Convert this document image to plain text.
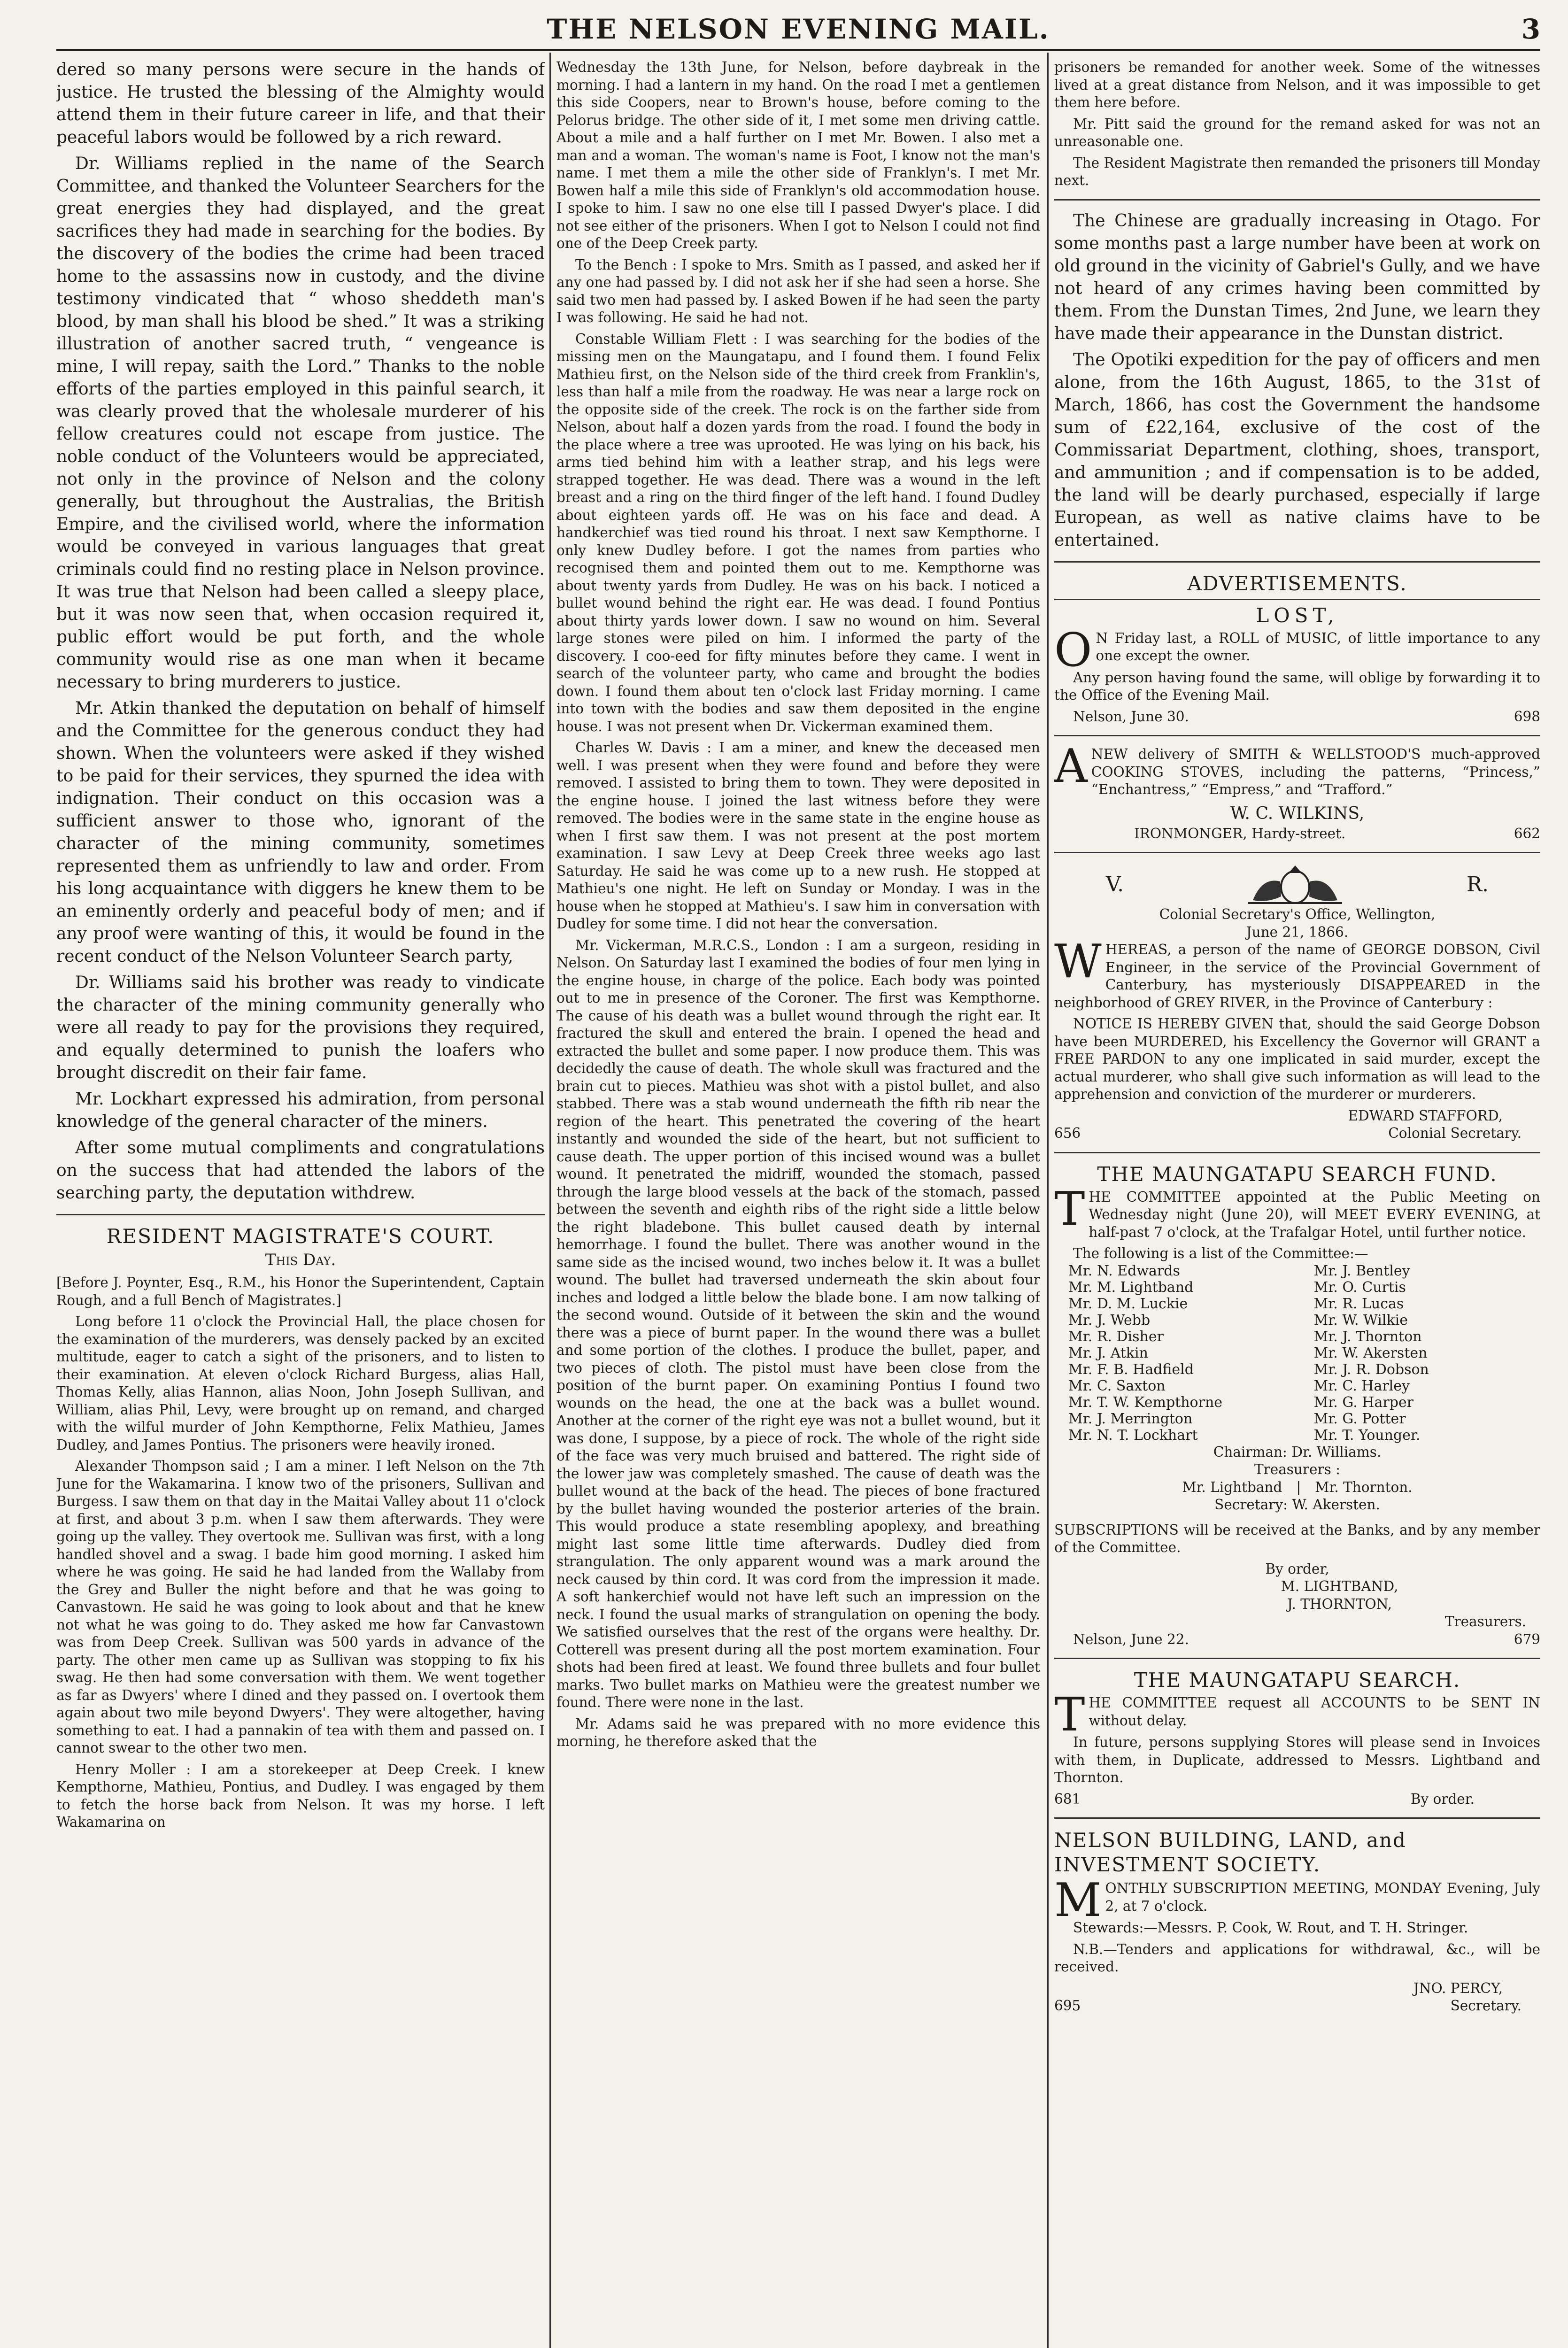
THE NELSON EVENING MAIL.	3

dered so many persons were secure in the hands of justice. He trusted the blessing of the Almighty would attend them in their future career in life, and that their peaceful labors would be followed by a rich reward.

Dr. Williams replied in the name of the Search Committee, and thanked the Volunteer Searchers for the great energies they had displayed, and the great sacrifices they had made in searching for the bodies. By the discovery of the bodies the crime had been traced home to the assassins now in custody, and the divine testimony vindicated that “ whoso sheddeth man's blood, by man shall his blood be shed.” It was a striking illustration of another sacred truth, “ vengeance is mine, I will repay, saith the Lord.” Thanks to the noble efforts of the parties employed in this painful search, it was clearly proved that the wholesale murderer of his fellow creatures could not escape from justice. The noble conduct of the Volunteers would be appreciated, not only in the province of Nelson and the colony generally, but throughout the Australias, the British Empire, and the civilised world, where the information would be conveyed in various languages that great criminals could find no resting place in Nelson province. It was true that Nelson had been called a sleepy place, but it was now seen that, when occasion required it, public effort would be put forth, and the whole community would rise as one man when it became necessary to bring murderers to justice.

Mr. Atkin thanked the deputation on behalf of himself and the Committee for the generous conduct they had shown. When the volunteers were asked if they wished to be paid for their services, they spurned the idea with indignation. Their conduct on this occasion was a sufficient answer to those who, ignorant of the character of the mining community, sometimes represented them as unfriendly to law and order. From his long acquaintance with diggers he knew them to be an eminently orderly and peaceful body of men; and if any proof were wanting of this, it would be found in the recent conduct of the Nelson Volunteer Search party,

Dr. Williams said his brother was ready to vindicate the character of the mining community generally who were all ready to pay for the provisions they required, and equally determined to punish the loafers who brought discredit on their fair fame.

Mr. Lockhart expressed his admiration, from personal knowledge of the general character of the miners.

After some mutual compliments and congratulations on the success that had attended the labors of the searching party, the deputation withdrew.

RESIDENT MAGISTRATE'S COURT.
This Day.

[Before J. Poynter, Esq., R.M., his Honor the Superintendent, Captain Rough, and a full Bench of Magistrates.]

Long before 11 o'clock the Provincial Hall, the place chosen for the examination of the murderers, was densely packed by an excited multitude, eager to catch a sight of the prisoners, and to listen to their examination. At eleven o'clock Richard Burgess, alias Hall, Thomas Kelly, alias Hannon, alias Noon, John Joseph Sullivan, and William, alias Phil, Levy, were brought up on remand, and charged with the wilful murder of John Kempthorne, Felix Mathieu, James Dudley, and James Pontius. The prisoners were heavily ironed.

Alexander Thompson said ; I am a miner. I left Nelson on the 7th June for the Wakamarina. I know two of the prisoners, Sullivan and Burgess. I saw them on that day in the Maitai Valley about 11 o'clock at first, and about 3 p.m. when I saw them afterwards. They were going up the valley. They overtook me. Sullivan was first, with a long handled shovel and a swag. I bade him good morning. I asked him where he was going. He said he had landed from the Wallaby from the Grey and Buller the night before and that he was going to Canvastown. He said he was going to look about and that he knew not what he was going to do. They asked me how far Canvastown was from Deep Creek. Sullivan was 500 yards in advance of the party. The other men came up as Sullivan was stopping to fix his swag. He then had some conversation with them. We went together as far as Dwyers' where I dined and they passed on. I overtook them again about two mile beyond Dwyers'. They were altogether, having something to eat. I had a pannakin of tea with them and passed on. I cannot swear to the other two men.

Henry Moller : I am a storekeeper at Deep Creek. I knew Kempthorne, Mathieu, Pontius, and Dudley. I was engaged by them to fetch the horse back from Nelson. It was my horse. I left Wakamarina on

Wednesday the 13th June, for Nelson, before daybreak in the morning. I had a lantern in my hand. On the road I met a gentlemen this side Coopers, near to Brown's house, before coming to the Pelorus bridge. The other side of it, I met some men driving cattle. About a mile and a half further on I met Mr. Bowen. I also met a man and a woman. The woman's name is Foot, I know not the man's name. I met them a mile the other side of Franklyn's. I met Mr. Bowen half a mile this side of Franklyn's old accommodation house. I spoke to him. I saw no one else till I passed Dwyer's place. I did not see either of the prisoners. When I got to Nelson I could not find one of the Deep Creek party.

To the Bench : I spoke to Mrs. Smith as I passed, and asked her if any one had passed by. I did not ask her if she had seen a horse. She said two men had passed by. I asked Bowen if he had seen the party I was following. He said he had not.

Constable William Flett : I was searching for the bodies of the missing men on the Maungatapu, and I found them. I found Felix Mathieu first, on the Nelson side of the third creek from Franklin's, less than half a mile from the roadway. He was near a large rock on the opposite side of the creek. The rock is on the farther side from Nelson, about half a dozen yards from the road. I found the body in the place where a tree was uprooted. He was lying on his back, his arms tied behind him with a leather strap, and his legs were strapped together. He was dead. There was a wound in the left breast and a ring on the third finger of the left hand. I found Dudley about eighteen yards off. He was on his face and dead. A handkerchief was tied round his throat. I next saw Kempthorne. I only knew Dudley before. I got the names from parties who recognised them and pointed them out to me. Kempthorne was about twenty yards from Dudley. He was on his back. I noticed a bullet wound behind the right ear. He was dead. I found Pontius about thirty yards lower down. I saw no wound on him. Several large stones were piled on him. I informed the party of the discovery. I coo-eed for fifty minutes before they came. I went in search of the volunteer party, who came and brought the bodies down. I found them about ten o'clock last Friday morning. I came into town with the bodies and saw them deposited in the engine house. I was not present when Dr. Vickerman examined them.

Charles W. Davis : I am a miner, and knew the deceased men well. I was present when they were found and before they were removed. I assisted to bring them to town. They were deposited in the engine house. I joined the last witness before they were removed. The bodies were in the same state in the engine house as when I first saw them. I was not present at the post mortem examination. I saw Levy at Deep Creek three weeks ago last Saturday. He said he was come up to a new rush. He stopped at Mathieu's one night. He left on Sunday or Monday. I was in the house when he stopped at Mathieu's. I saw him in conversation with Dudley for some time. I did not hear the conversation.

Mr. Vickerman, M.R.C.S., London : I am a surgeon, residing in Nelson. On Saturday last I examined the bodies of four men lying in the engine house, in charge of the police. Each body was pointed out to me in presence of the Coroner. The first was Kempthorne. The cause of his death was a bullet wound through the right ear. It fractured the skull and entered the brain. I opened the head and extracted the bullet and some paper. I now produce them. This was decidedly the cause of death. The whole skull was fractured and the brain cut to pieces. Mathieu was shot with a pistol bullet, and also stabbed. There was a stab wound underneath the fifth rib near the region of the heart. This penetrated the covering of the heart instantly and wounded the side of the heart, but not sufficient to cause death. The upper portion of this incised wound was a bullet wound. It penetrated the midriff, wounded the stomach, passed through the large blood vessels at the back of the stomach, passed between the seventh and eighth ribs of the right side a little below the right bladebone. This bullet caused death by internal hemorrhage. I found the bullet. There was another wound in the same side as the incised wound, two inches below it. It was a bullet wound. The bullet had traversed underneath the skin about four inches and lodged a little below the blade bone. I am now talking of the second wound. Outside of it between the skin and the wound there was a piece of burnt paper. In the wound there was a bullet and some portion of the clothes. I produce the bullet, paper, and two pieces of cloth. The pistol must have been close from the position of the burnt paper. On examining Pontius I found two wounds on the head, the one at the back was a bullet wound. Another at the corner of the right eye was not a bullet wound, but it was done, I suppose, by a piece of rock. The whole of the right side of the face was very much bruised and battered. The right side of the lower jaw was completely smashed. The cause of death was the bullet wound at the back of the head. The pieces of bone fractured by the bullet having wounded the posterior arteries of the brain. This would produce a state resembling apoplexy, and breathing might last some little time afterwards. Dudley died from strangulation. The only apparent wound was a mark around the neck caused by thin cord. It was cord from the impression it made. A soft hankerchief would not have left such an impression on the neck. I found the usual marks of strangulation on opening the body. We satisfied ourselves that the rest of the organs were healthy. Dr. Cotterell was present during all the post mortem examination. Four shots had been fired at least. We found three bullets and four bullet marks. Two bullet marks on Mathieu were the greatest number we found. There were none in the last.

Mr. Adams said he was prepared with no more evidence this morning, he therefore asked that the

prisoners be remanded for another week. Some of the witnesses lived at a great distance from Nelson, and it was impossible to get them here before.

Mr. Pitt said the ground for the remand asked for was not an unreasonable one.

The Resident Magistrate then remanded the prisoners till Monday next.

The Chinese are gradually increasing in Otago. For some months past a large number have been at work on old ground in the vicinity of Gabriel's Gully, and we have not heard of any crimes having been committed by them. From the Dunstan Times, 2nd June, we learn they have made their appearance in the Dunstan district.

The Opotiki expedition for the pay of officers and men alone, from the 16th August, 1865, to the 31st of March, 1866, has cost the Government the handsome sum of £22,164, exclusive of the cost of the Commissariat Department, clothing, shoes, transport, and ammunition ; and if compensation is to be added, the land will be dearly purchased, especially if large European, as well as native claims have to be entertained.

ADVERTISEMENTS.
LOST,

O N Friday last, a ROLL of MUSIC, of little importance to any one except the owner.

Any person having found the same, will oblige by forwarding it to the Office of the Evening Mail.

Nelson, June 30.	698

ANEW delivery of SMITH & WELLSTOOD'S much-approved COOKING STOVES, including the patterns, “Princess,” “Enchantress,” “Empress,” and “Trafford.”

W. C. WILKINS,
IRONMONGER, Hardy-street.	662
V.	R.
Colonial Secretary's Office, Wellington,
June 21, 1866.

WHEREAS, a person of the name of GEORGE DOBSON, Civil Engineer, in the service of the Provincial Government of Canterbury, has mysteriously DISAPPEARED in the neighborhood of GREY RIVER, in the Province of Canterbury :

NOTICE IS HEREBY GIVEN that, should the said George Dobson have been MURDERED, his Excellency the Governor will GRANT a FREE PARDON to any one implicated in said murder, except the actual murderer, who shall give such information as will lead to the apprehension and conviction of the murderer or murderers.

EDWARD STAFFORD,
656	Colonial Secretary.
THE MAUNGATAPU SEARCH FUND.

THE COMMITTEE appointed at the Public Meeting on Wednesday night (June 20), will MEET EVERY EVENING, at half-past 7 o'clock, at the Trafalgar Hotel, until further notice.

The following is a list of the Committee:—
Mr. N. Edwards	Mr. J. Bentley
Mr. M. Lightband	Mr. O. Curtis
Mr. D. M. Luckie	Mr. R. Lucas
Mr. J. Webb	Mr. W. Wilkie
Mr. R. Disher	Mr. J. Thornton
Mr. J. Atkin	Mr. W. Akersten
Mr. F. B. Hadfield	Mr. J. R. Dobson
Mr. C. Saxton	Mr. C. Harley
Mr. T. W. Kempthorne	Mr. G. Harper
Mr. J. Merrington	Mr. G. Potter
Mr. N. T. Lockhart	Mr. T. Younger.
Chairman: Dr. Williams.
Treasurers :
Mr. Lightband | Mr. Thornton.
Secretary: W. Akersten.

SUBSCRIPTIONS will be received at the Banks, and by any member of the Committee.

By order,
M. LIGHTBAND,
J. THORNTON,
Treasurers.
Nelson, June 22.	679
THE MAUNGATAPU SEARCH.

THE COMMITTEE request all ACCOUNTS to be SENT IN without delay.

In future, persons supplying Stores will please send in Invoices with them, in Duplicate, addressed to Messrs. Lightband and Thornton.

681	By order.
NELSON BUILDING, LAND, and INVESTMENT SOCIETY.

MONTHLY SUBSCRIPTION MEETING, MONDAY Evening, July 2, at 7 o'clock.

Stewards:—Messrs. P. Cook, W. Rout, and T. H. Stringer.

N.B.—Tenders and applications for withdrawal, &c., will be received.

JNO. PERCY,
695	Secretary.
